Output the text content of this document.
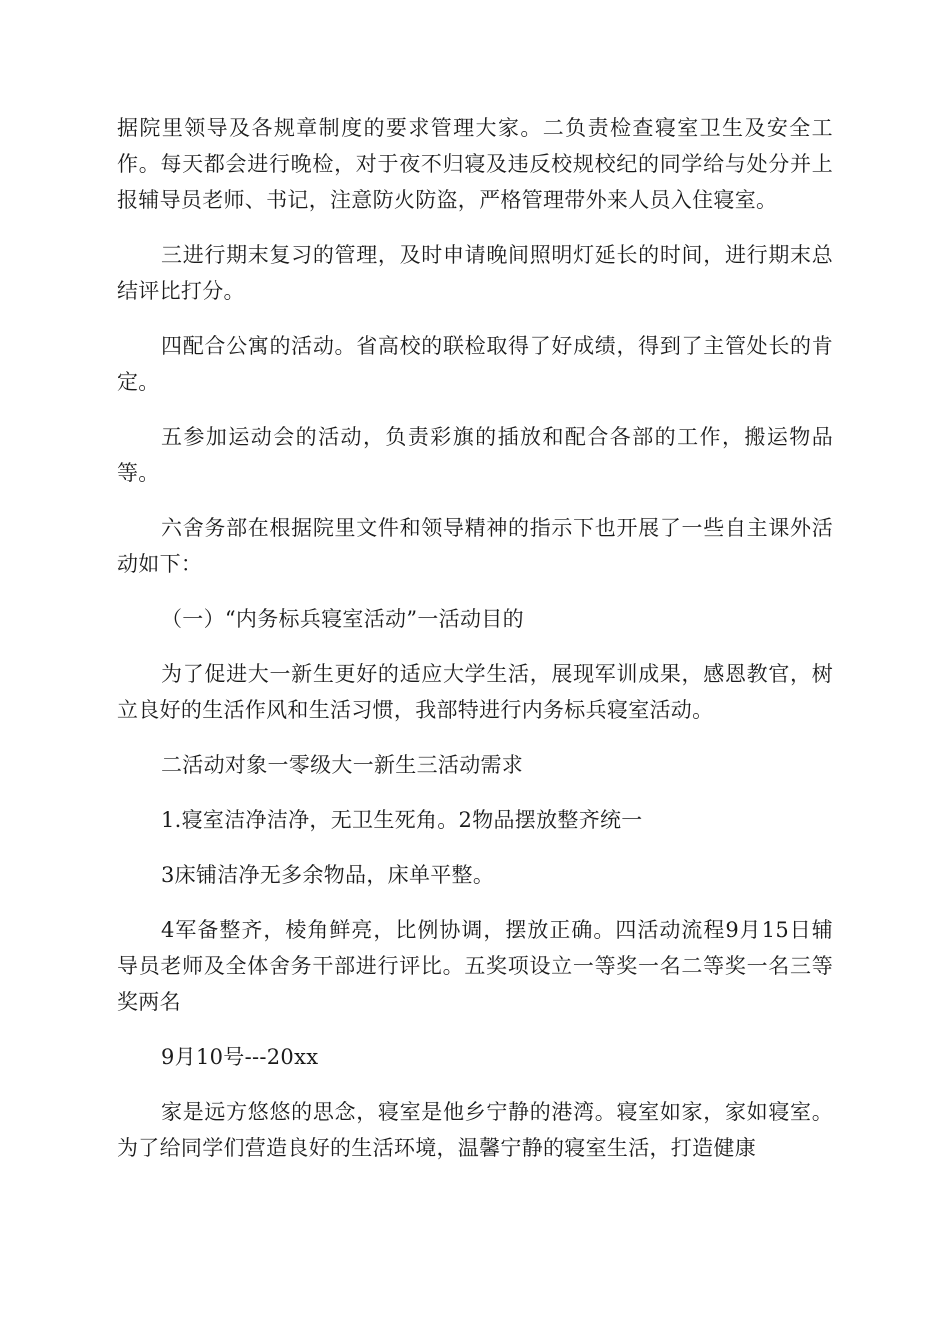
据院里领导及各规章制度的要求管理大家。二负责检查寝室卫生及安全工作。每天都会进行晚检，对于夜不归寝及违反校规校纪的同学给与处分并上报辅导员老师、书记，注意防火防盗，严格管理带外来人员入住寝室。

三进行期末复习的管理，及时申请晚间照明灯延长的时间，进行期末总结评比打分。

四配合公寓的活动。省高校的联检取得了好成绩，得到了主管处长的肯定。

五参加运动会的活动，负责彩旗的插放和配合各部的工作，搬运物品等。

六舍务部在根据院里文件和领导精神的指示下也开展了一些自主课外活动如下：

（一）“内务标兵寝室活动”一活动目的

为了促进大一新生更好的适应大学生活，展现军训成果，感恩教官，树立良好的生活作风和生活习惯，我部特进行内务标兵寝室活动。

二活动对象一零级大一新生三活动需求

1.寝室洁净洁净，无卫生死角。2物品摆放整齐统一

3床铺洁净无多余物品，床单平整。

4军备整齐，棱角鲜亮，比例协调，摆放正确。四活动流程9月15日辅导员老师及全体舍务干部进行评比。五奖项设立一等奖一名二等奖一名三等奖两名

9月10号---20xx

家是远方悠悠的思念，寝室是他乡宁静的港湾。寝室如家，家如寝室。为了给同学们营造良好的生活环境，温馨宁静的寝室生活，打造健康
